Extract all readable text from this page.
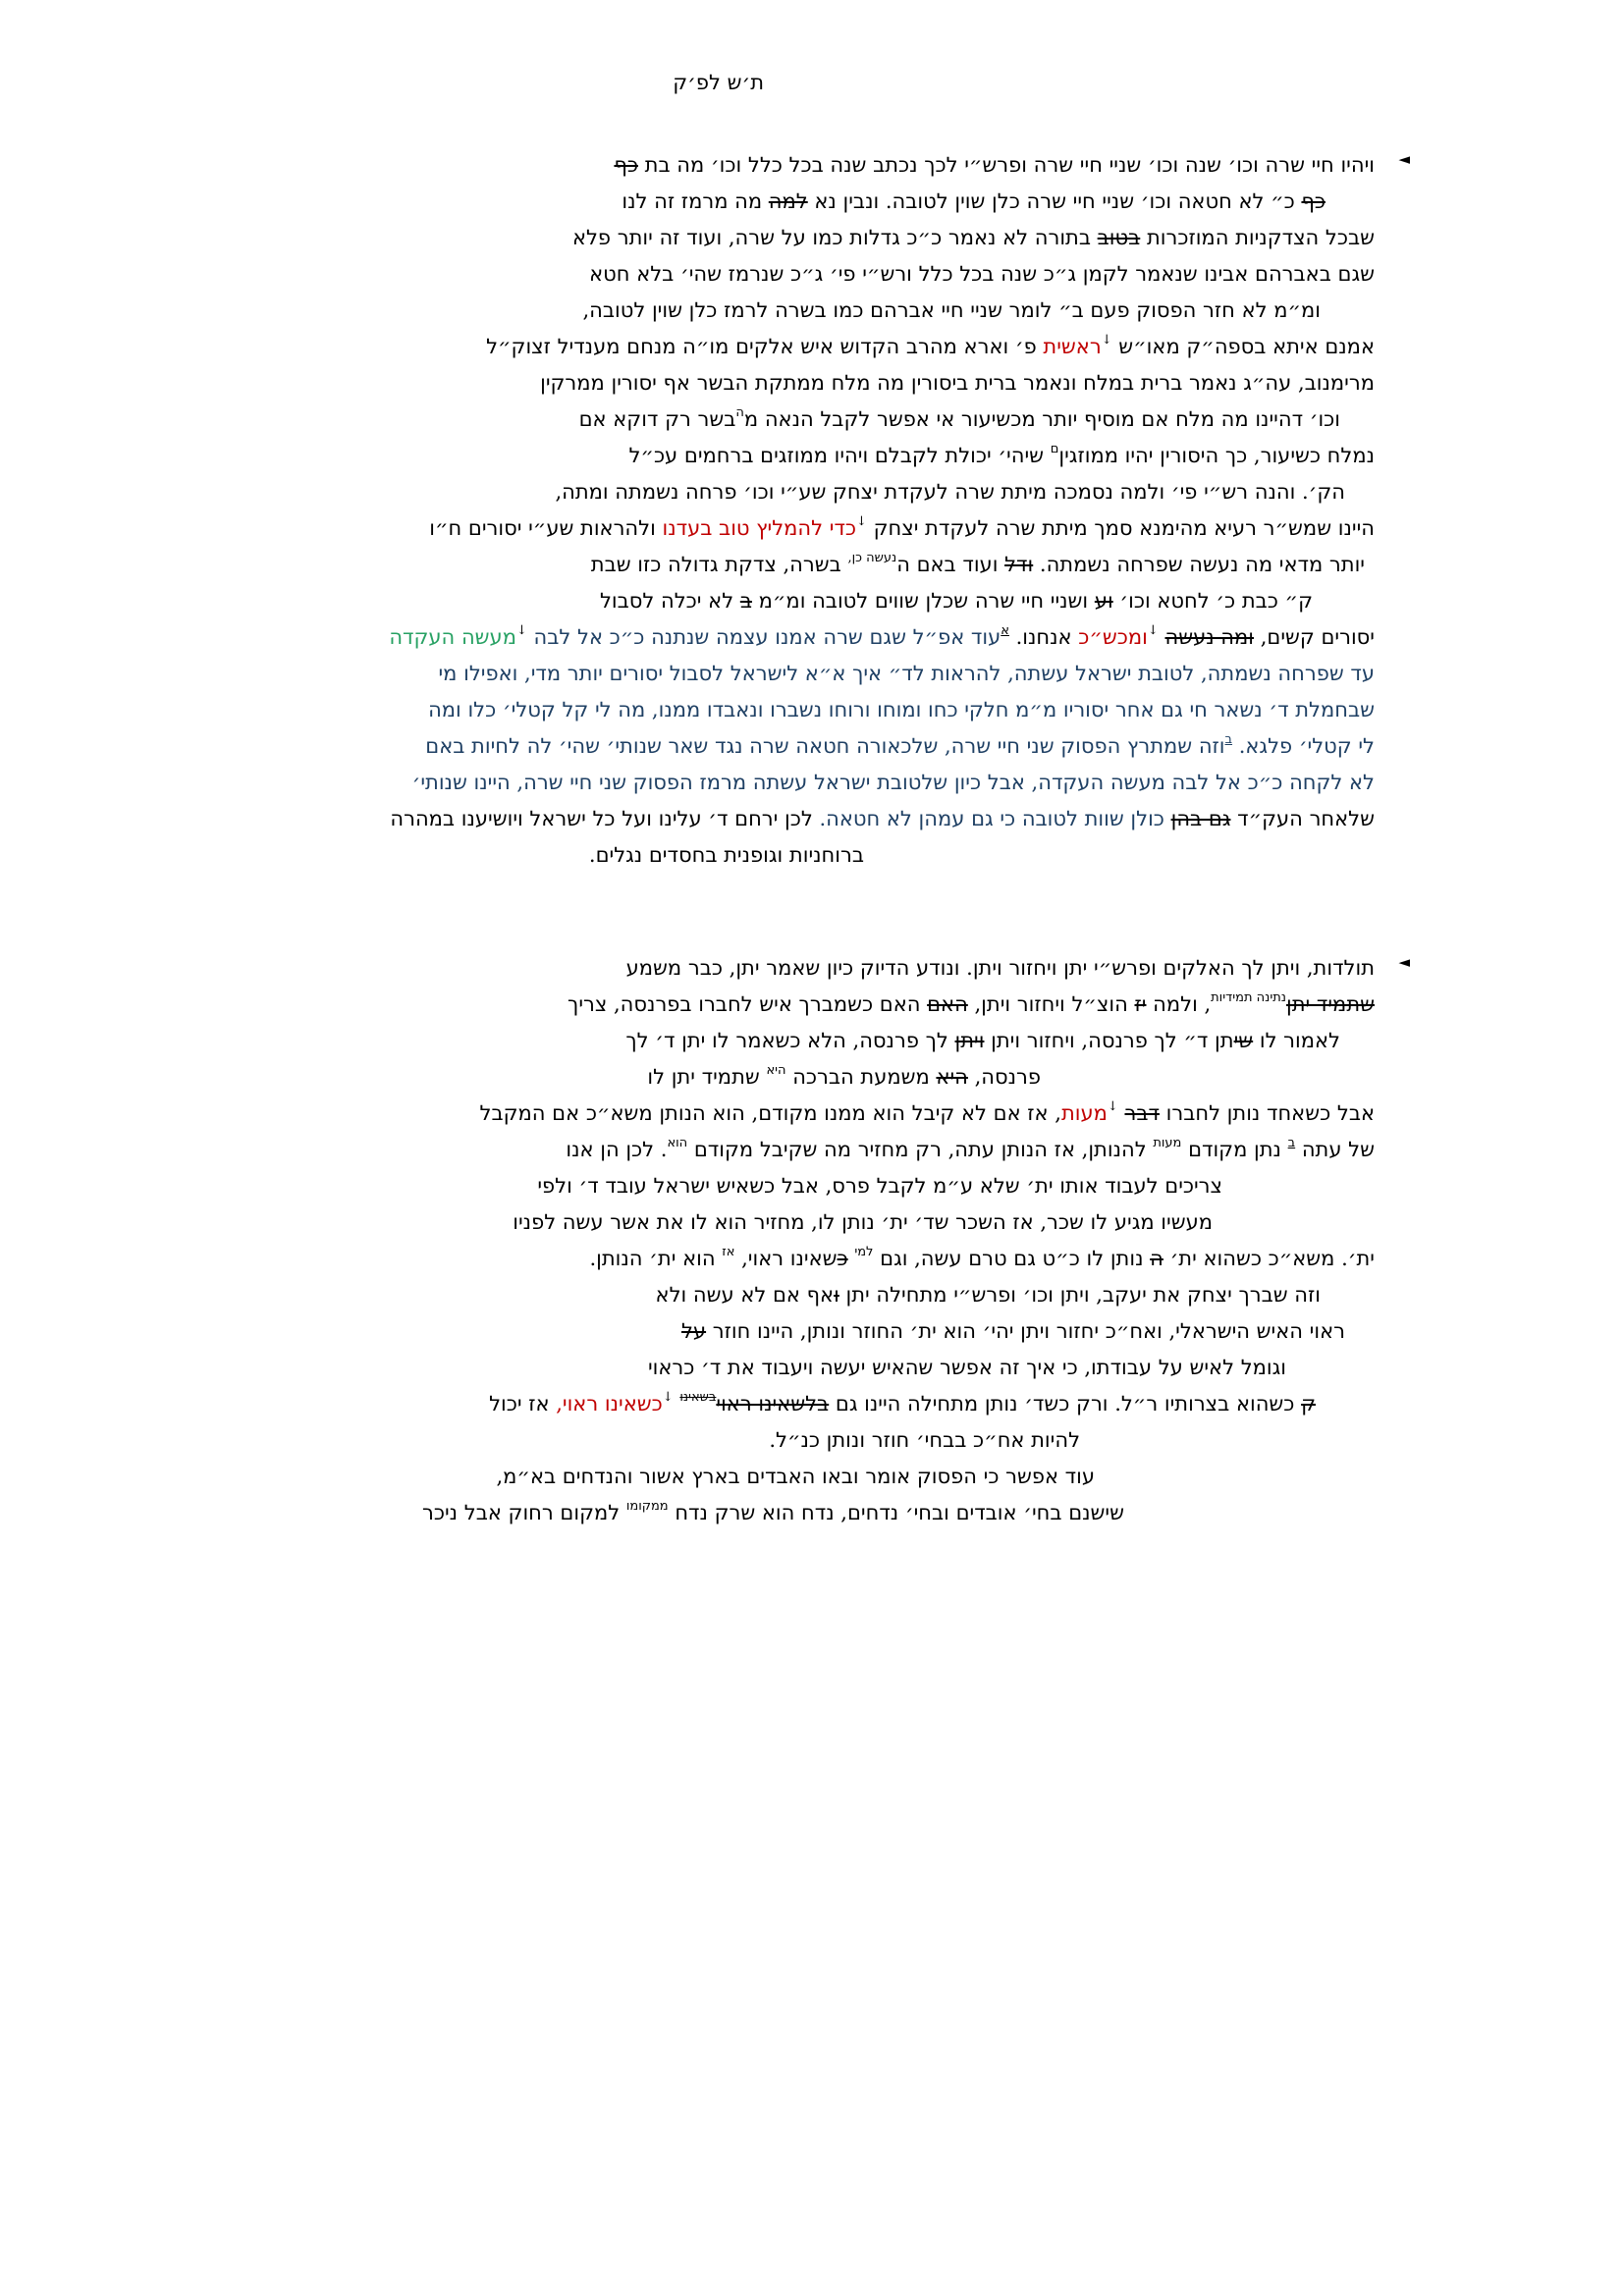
ת׳ש לפ׳ק
◄
ויהיו חיי שרה וכו׳ שנה וכו׳ שניי חיי שרה ופרש״י לכך נכתב שנה בכל כלל וכו׳ מה בת כף
כף כ״ לא חטאה וכו׳ שניי חיי שרה כלן שוין לטובה. ונבין נא למה מה מרמז זה לנו
שבכל הצדקניות המוזכרות בטוב בתורה לא נאמר כ״כ גדלות כמו על שרה, ועוד זה יותר פלא
שגם באברהם אבינו שנאמר לקמן ג״כ שנה בכל כלל ורש״י פי׳ ג״כ שנרמז שהי׳ בלא חטא
ומ״מ לא חזר הפסוק פעם ב״ לומר שניי חיי אברהם כמו בשרה לרמז כלן שוין לטובה,
אמנם איתא בספה״ק מאו״ש ↓ראשית פ׳ וארא מהרב הקדוש איש אלקים מו״ה מנחם מענדיל זצוק״ל
מרימנוב, עה״ג נאמר ברית במלח ונאמר ברית ביסורין מה מלח ממתקת הבשר אף יסורין ממרקין
וכו׳ דהיינו מה מלח אם מוסיף יותר מכשיעור אי אפשר לקבל הנאה מ$^ה$בשר רק דוקא אם
נמלח כשיעור, כך היסורין יהיו ממוזגין$^ם$ שיהי׳ יכולת לקבלם ויהיו ממוזגים ברחמים עכ״ל
הק׳. והנה רש״י פי׳ ולמה נסמכה מיתת שרה לעקדת יצחק שע״י וכו׳ פרחה נשמתה ומתה,
היינו שמש״ר רעיא מהימנא סמך מיתת שרה לעקדת יצחק ↓כדי להמליץ טוב בעדנו ולהראות שע״י יסורים ח״ו
יותר מדאי מה נעשה שפרחה נשמתה. ודל ועוד באם ה$^{נעשה כן,}$ בשרה, צדקת גדולה כזו שבת
ק״ כבת כ׳ לחטא וכו׳ וע ושניי חיי שרה שכלן שווים לטובה ומ״מ ב לא יכלה לסבול
יסורים קשים, ומה נעשה ↓ומכש״כ אנחנו. $^א$עוד אפ״ל שגם שרה אמנו עצמה שנתנה כ״כ אל לבה ↓מעשה העקדה
עד שפרחה נשמתה, לטובת ישראל עשתה, להראות לד״ איך א״א לישראל לסבול יסורים יותר מדי, ואפילו מי
שבחמלת ד׳ נשאר חי גם אחר יסוריו מ״מ חלקי כחו ומוחו ורוחו נשברו ונאבדו ממנו, מה לי קל קטלי׳ כלו ומה
לי קטלי׳ פלגא. $^ב$וזה שמתרץ הפסוק שני חיי שרה, שלכאורה חטאה שרה נגד שאר שנותי׳ שהי׳ לה לחיות באם
לא לקחה כ״כ אל לבה מעשה העקדה, אבל כיון שלטובת ישראל עשתה מרמז הפסוק שני חיי שרה, היינו שנותי׳
שלאחר העק״ד גם בהן כולן שוות לטובה כי גם עמהן לא חטאה. לכן ירחם ד׳ עלינו ועל כל ישראל ויושיענו במהרה
ברוחניות וגופנית בחסדים נגלים.
◄
תולדות, ויתן לך האלקים ופרש״י יתן ויחזור ויתן. ונודע הדיוק כיון שאמר יתן, כבר משמע
שתמיד יתן$^{נתינה תמידיות}$, ולמה יז הוצ״ל ויחזור ויתן, האם האם כשמברך איש לחברו בפרנסה, צריך
לאמור לו שיתן ד״ לך פרנסה, ויחזור ויתן ויתן לך פרנסה, הלא כשאמר לו יתן ד׳ לך
פרנסה, היא משמעת הברכה $^{היא}$ שתמיד יתן לו
אבל כשאחד נותן לחברו דבר ↓מעות, אז אם לא קיבל הוא ממנו מקודם, הוא הנותן משא״כ אם המקבל
של עתה $^ב$ נתן מקודם $^{מעות}$ להנותן, אז הנותן עתה, רק מחזיר מה שקיבל מקודם $^{הוא}$. לכן הן אנו
צריכים לעבוד אותו ית׳ שלא ע״מ לקבל פרס, אבל כשאיש ישראל עובד ד׳ ולפי
מעשיו מגיע לו שכר, אז השכר שד׳ ית׳ נותן לו, מחזיר הוא לו את אשר עשה לפניו
ית׳. משא״כ כשהוא ית׳ ה נותן לו כ״ט גם טרם עשה, וגם $^{למי}$ כשאינו ראוי, $^{אז}$ הוא ית׳ הנותן.
וזה שברך יצחק את יעקב, ויתן וכו׳ ופרש״י מתחילה יתן ואף אם לא עשה ולא
ראוי האיש הישראלי, ואח״כ יחזור ויתן יהי׳ הוא ית׳ החוזר ונותן, היינו חוזר על
וגומל לאיש על עבודתו, כי איך זה אפשר שהאיש יעשה ויעבוד את ד׳ כראוי
ק כשהוא בצרותיו ר״ל. ורק כשד׳ נותן מתחילה היינו גם בלשאינו ראוי$^{בשאינו}$ ↓כשאינו ראוי, אז יכול
להיות אח״כ בבחי׳ חוזר ונותן כנ״ל.
עוד אפשר כי הפסוק אומר ובאו האבדים בארץ אשור והנדחים בא״מ,
שישנם בחי׳ אובדים ובחי׳ נדחים, נדח הוא שרק נדח $^{ממקומו}$ למקום רחוק אבל ניכר
